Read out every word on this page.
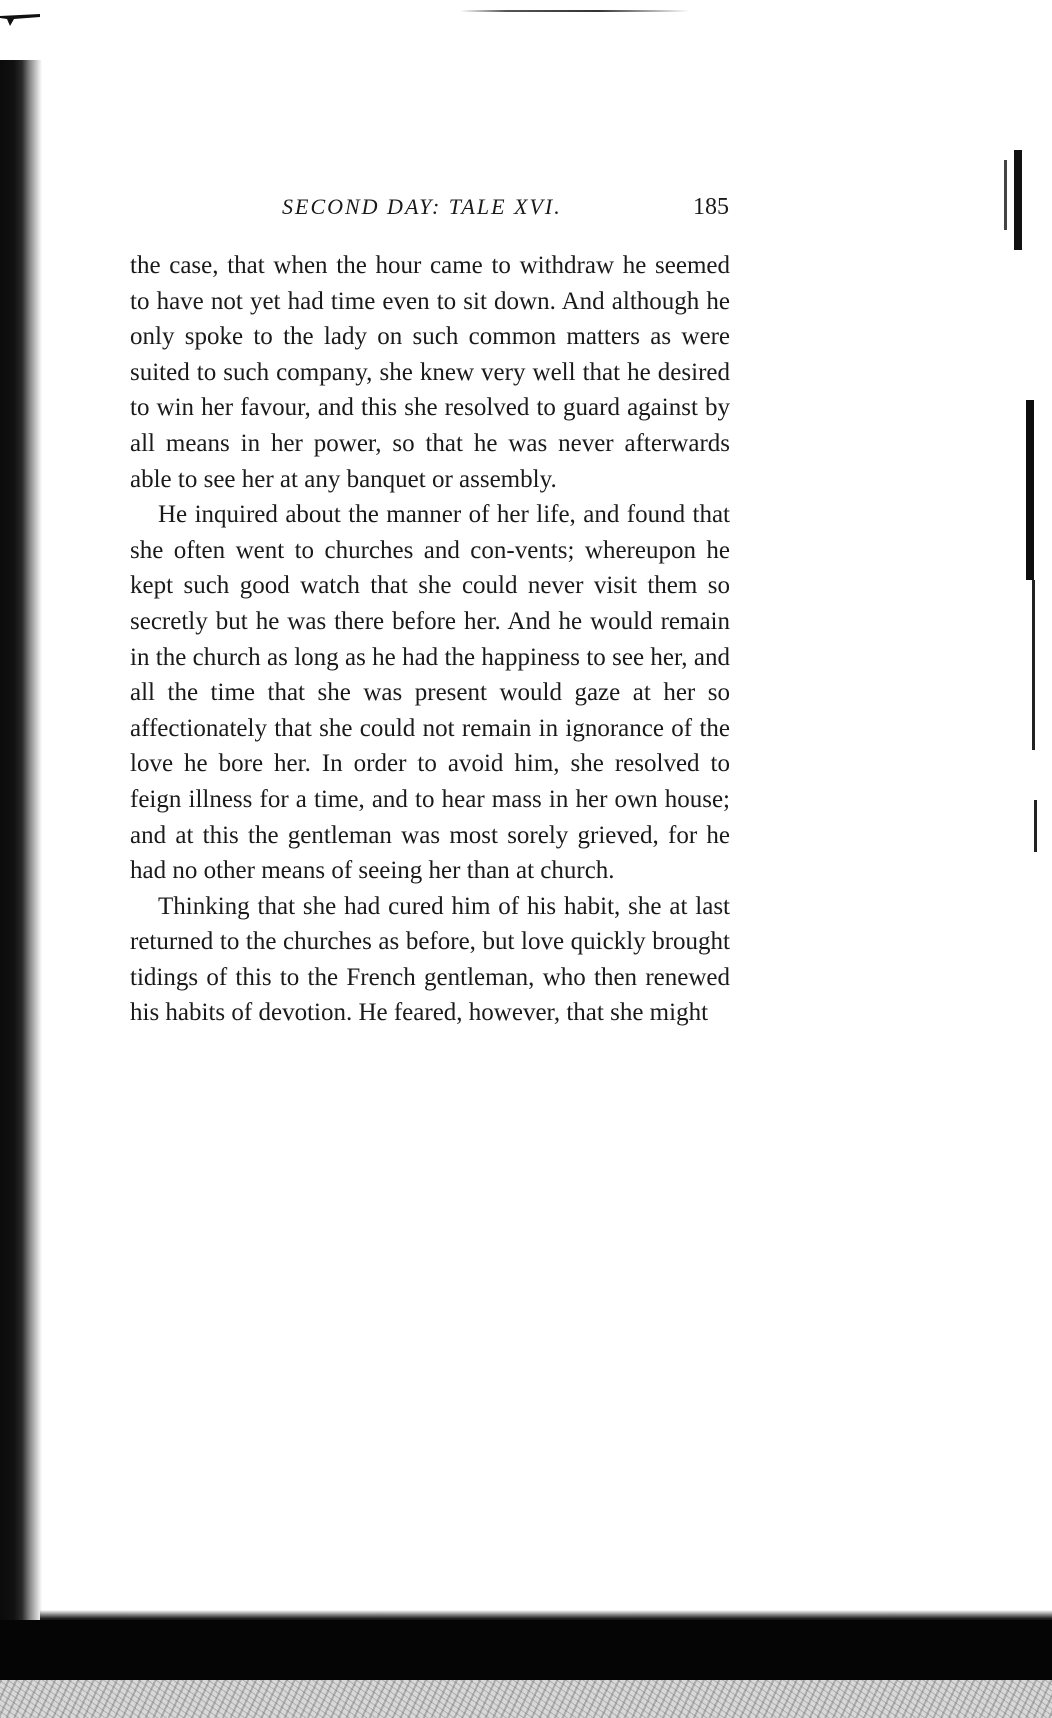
SECOND DAY: TALE XVI.	185

the case, that when the hour came to withdraw he seemed to have not yet had time even to sit down. And although he only spoke to the lady on such common matters as were suited to such company, she knew very well that he desired to win her favour, and this she resolved to guard against by all means in her power, so that he was never afterwards able to see her at any banquet or assembly.

He inquired about the manner of her life, and found that she often went to churches and con-vents; whereupon he kept such good watch that she could never visit them so secretly but he was there before her. And he would remain in the church as long as he had the happiness to see her, and all the time that she was present would gaze at her so affectionately that she could not remain in ignorance of the love he bore her. In order to avoid him, she resolved to feign illness for a time, and to hear mass in her own house; and at this the gentleman was most sorely grieved, for he had no other means of seeing her than at church.

Thinking that she had cured him of his habit, she at last returned to the churches as before, but love quickly brought tidings of this to the French gentleman, who then renewed his habits of devotion. He feared, however, that she might
